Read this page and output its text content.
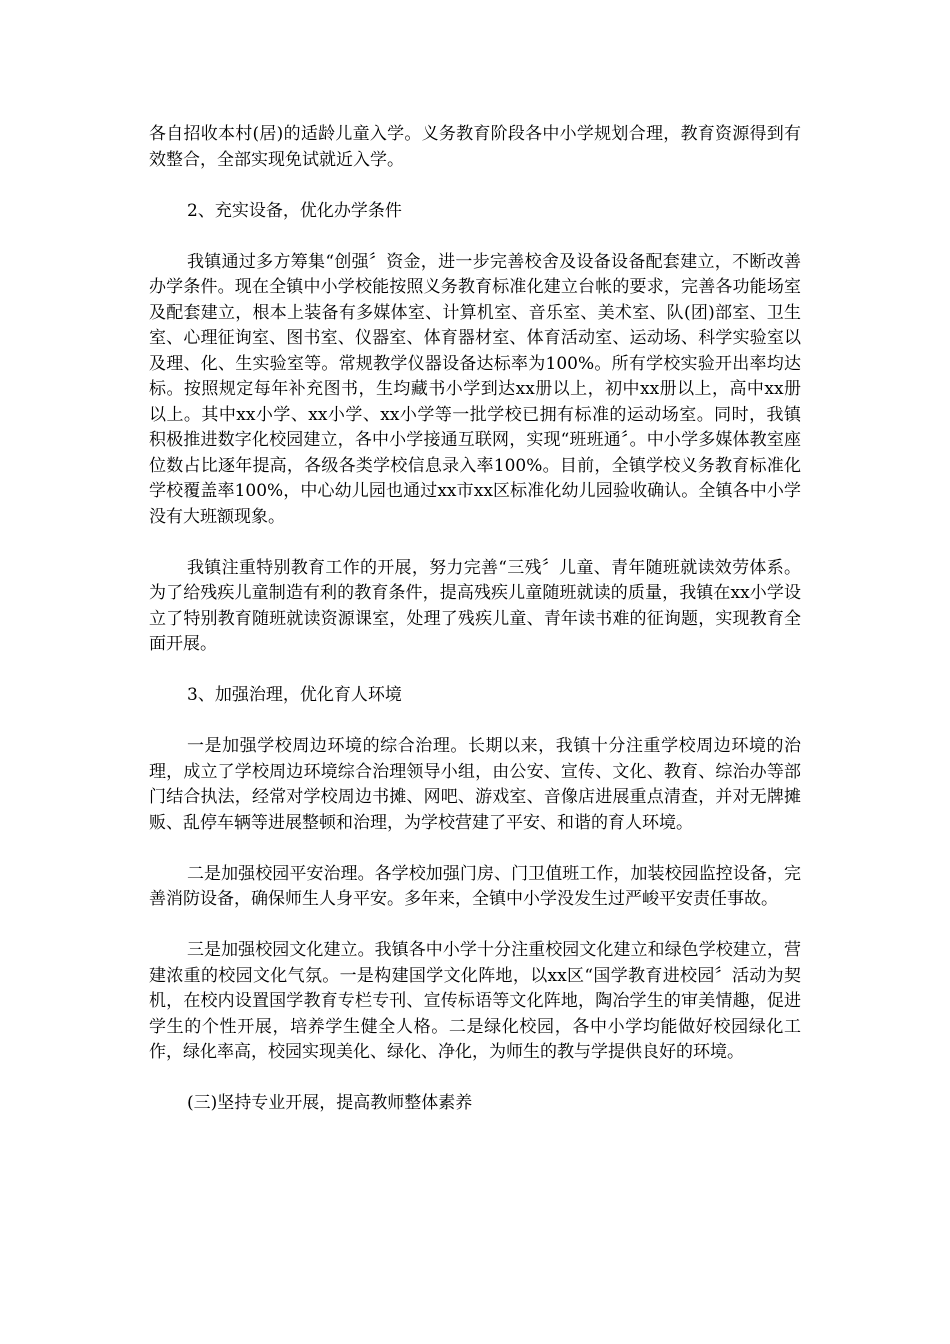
各自招收本村(居)的适龄儿童入学。义务教育阶段各中小学规划合理，教育资源得到有效整合，全部实现免试就近入学。

2、充实设备，优化办学条件

我镇通过多方筹集“创强〞资金，进一步完善校舍及设备设备配套建立，不断改善办学条件。现在全镇中小学校能按照义务教育标准化建立台帐的要求，完善各功能场室及配套建立，根本上装备有多媒体室、计算机室、音乐室、美术室、队(团)部室、卫生室、心理征询室、图书室、仪器室、体育器材室、体育活动室、运动场、科学实验室以及理、化、生实验室等。常规教学仪器设备达标率为100%。所有学校实验开出率均达标。按照规定每年补充图书，生均藏书小学到达xx册以上，初中xx册以上，高中xx册以上。其中xx小学、xx小学、xx小学等一批学校已拥有标准的运动场室。同时，我镇积极推进数字化校园建立，各中小学接通互联网，实现“班班通〞。中小学多媒体教室座位数占比逐年提高，各级各类学校信息录入率100%。目前，全镇学校义务教育标准化学校覆盖率100%，中心幼儿园也通过xx市xx区标准化幼儿园验收确认。全镇各中小学没有大班额现象。

我镇注重特别教育工作的开展，努力完善“三残〞儿童、青年随班就读效劳体系。为了给残疾儿童制造有利的教育条件，提高残疾儿童随班就读的质量，我镇在xx小学设立了特别教育随班就读资源课室，处理了残疾儿童、青年读书难的征询题，实现教育全面开展。

3、加强治理，优化育人环境

一是加强学校周边环境的综合治理。长期以来，我镇十分注重学校周边环境的治理，成立了学校周边环境综合治理领导小组，由公安、宣传、文化、教育、综治办等部门结合执法，经常对学校周边书摊、网吧、游戏室、音像店进展重点清查，并对无牌摊贩、乱停车辆等进展整顿和治理，为学校营建了平安、和谐的育人环境。

二是加强校园平安治理。各学校加强门房、门卫值班工作，加装校园监控设备，完善消防设备，确保师生人身平安。多年来，全镇中小学没发生过严峻平安责任事故。

三是加强校园文化建立。我镇各中小学十分注重校园文化建立和绿色学校建立，营建浓重的校园文化气氛。一是构建国学文化阵地，以xx区“国学教育进校园〞活动为契机，在校内设置国学教育专栏专刊、宣传标语等文化阵地，陶冶学生的审美情趣，促进学生的个性开展，培养学生健全人格。二是绿化校园，各中小学均能做好校园绿化工作，绿化率高，校园实现美化、绿化、净化，为师生的教与学提供良好的环境。

(三)坚持专业开展，提高教师整体素养
